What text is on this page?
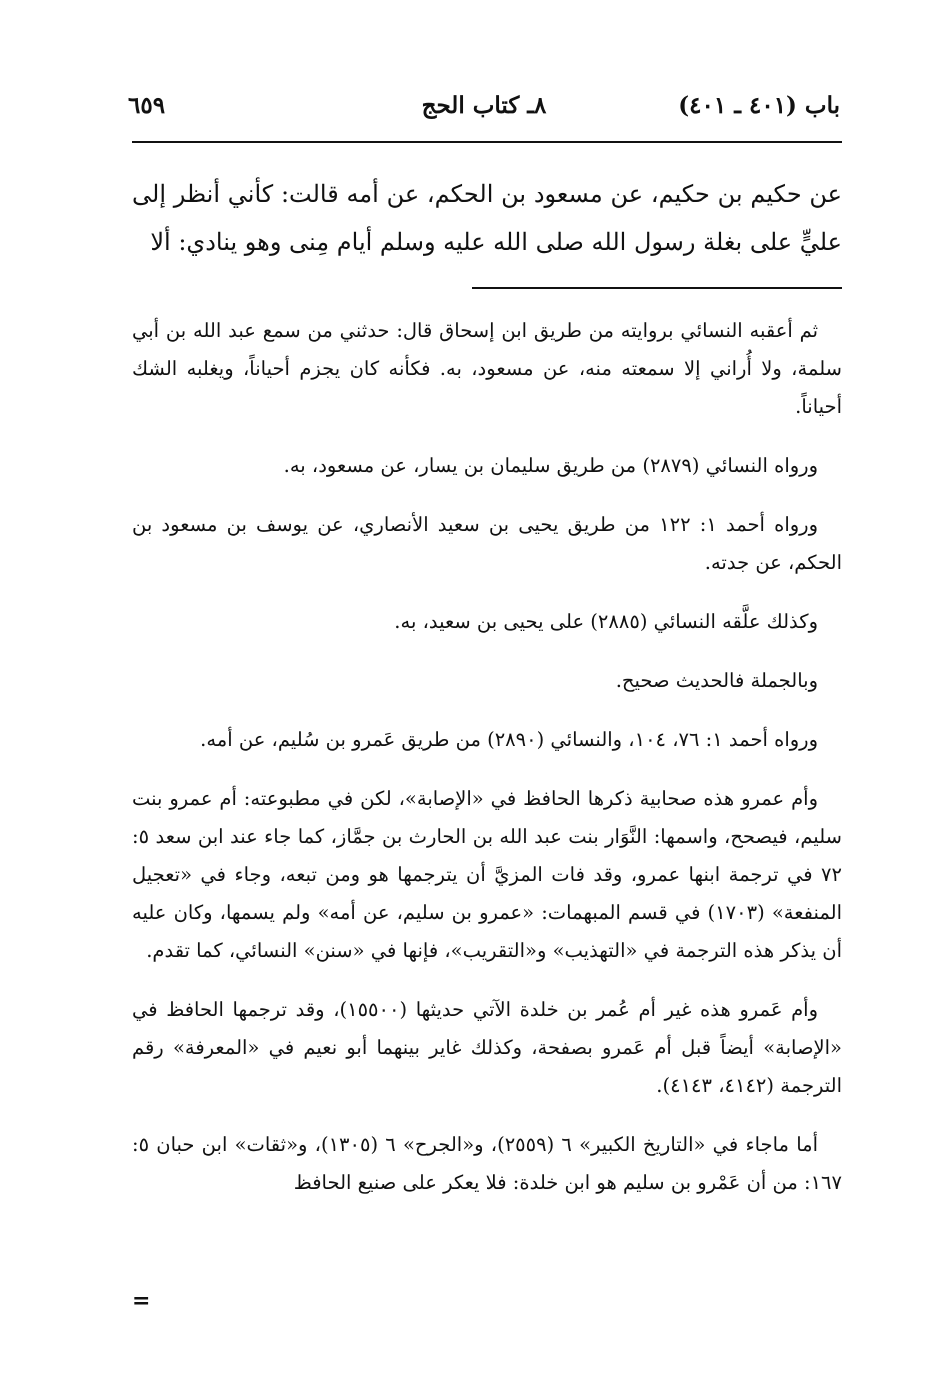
باب (٤٠١ ـ ٤٠١)
٨ـ كتاب الحج
٦٥٩

عن حكيم بن حكيم، عن مسعود بن الحكم، عن أمه قالت: كأني أنظر إلى عليٍّ على بغلة رسول الله صلى الله عليه وسلم أيام مِنى وهو ينادي: ألا

ثم أعقبه النسائي بروايته من طريق ابن إسحاق قال: حدثني من سمع عبد الله بن أبي سلمة، ولا أُراني إلا سمعته منه، عن مسعود، به. فكأنه كان يجزم أحياناً، ويغلبه الشك أحياناً.

ورواه النسائي (٢٨٧٩) من طريق سليمان بن يسار، عن مسعود، به.

ورواه أحمد ١: ١٢٢ من طريق يحيى بن سعيد الأنصاري، عن يوسف بن مسعود بن الحكم، عن جدته.

وكذلك علَّقه النسائي (٢٨٨٥) على يحيى بن سعيد، به.

وبالجملة فالحديث صحيح.

ورواه أحمد ١: ٧٦، ١٠٤، والنسائي (٢٨٩٠) من طريق عَمرو بن سُليم، عن أمه.

وأم عمرو هذه صحابية ذكرها الحافظ في «الإصابة»، لكن في مطبوعته: أم عمرو بنت سليم، فيصحح، واسمها: النَّوَار بنت عبد الله بن الحارث بن جمَّاز، كما جاء عند ابن سعد ٥: ٧٢ في ترجمة ابنها عمرو، وقد فات المزيَّ أن يترجمها هو ومن تبعه، وجاء في «تعجيل المنفعة» (١٧٠٣) في قسم المبهمات: «عمرو بن سليم، عن أمه» ولم يسمها، وكان عليه أن يذكر هذه الترجمة في «التهذيب» و«التقريب»، فإنها في «سنن» النسائي، كما تقدم.

وأم عَمرو هذه غير أم عُمر بن خلدة الآتي حديثها (١٥٥٠٠)، وقد ترجمها الحافظ في «الإصابة» أيضاً قبل أم عَمرو بصفحة، وكذلك غاير بينهما أبو نعيم في «المعرفة» رقم الترجمة (٤١٤٢، ٤١٤٣).

أما ماجاء في «التاريخ الكبير» ٦ (٢٥٥٩)، و«الجرح» ٦ (١٣٠٥)، و«ثقات» ابن حبان ٥: ١٦٧: من أن عَمْرو بن سليم هو ابن خلدة: فلا يعكر على صنيع الحافظ

=
